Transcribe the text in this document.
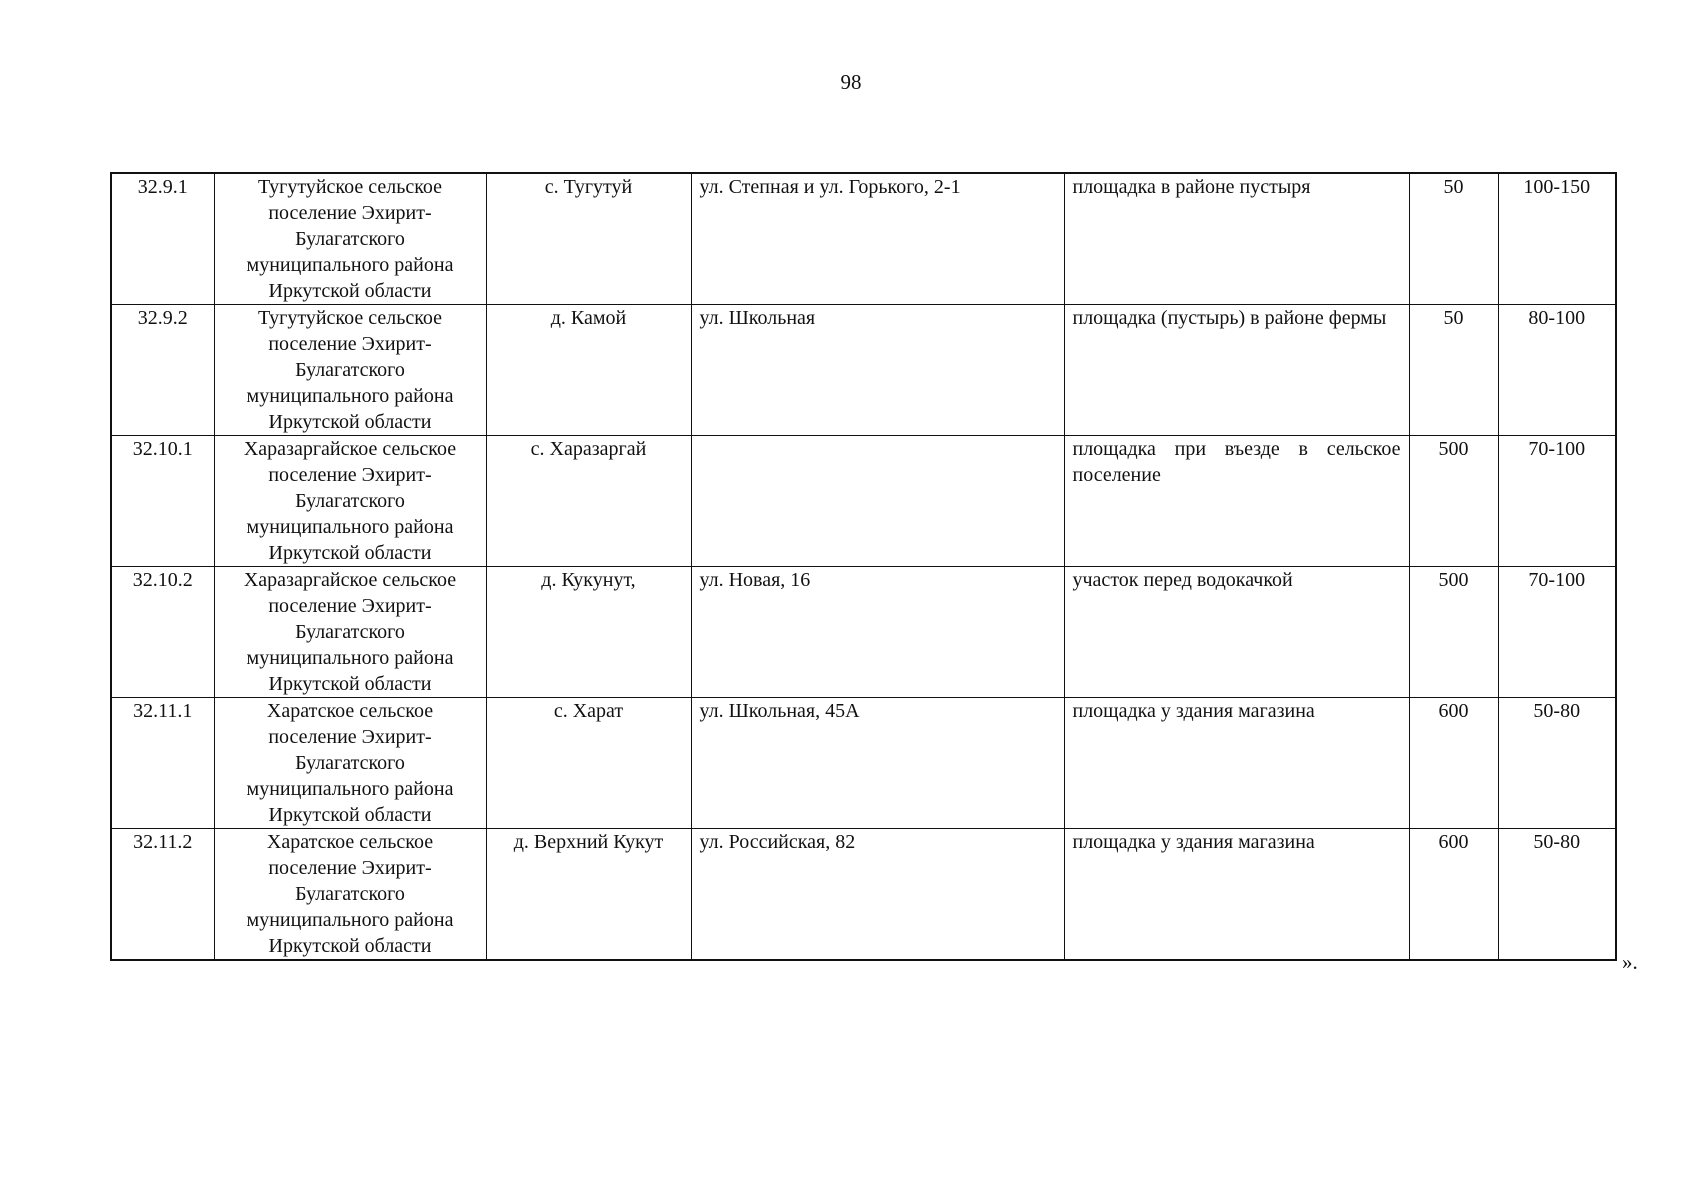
98
32.9.1	Тугутуйское сельское поселение Эхирит-Булагатского муниципального района Иркутской области	с. Тугутуй	ул. Степная и ул. Горького, 2-1	площадка в районе пустыря	50	100-150
32.9.2	Тугутуйское сельское поселение Эхирит-Булагатского муниципального района Иркутской области	д. Камой	ул. Школьная	площадка (пустырь) в районе фермы	50	80-100
32.10.1	Харазаргайское сельское поселение Эхирит-Булагатского муниципального района Иркутской области	с. Харазаргай		площадка при въезде в сельское поселение	500	70-100
32.10.2	Харазаргайское сельское поселение Эхирит-Булагатского муниципального района Иркутской области	д. Кукунут,	ул. Новая, 16	участок перед водокачкой	500	70-100
32.11.1	Харатское сельское поселение Эхирит-Булагатского муниципального района Иркутской области	с. Харат	ул. Школьная, 45А	площадка у здания магазина	600	50-80
32.11.2	Харатское сельское поселение Эхирит-Булагатского муниципального района Иркутской области	д. Верхний Кукут	ул. Российская, 82	площадка у здания магазина	600	50-80
».
